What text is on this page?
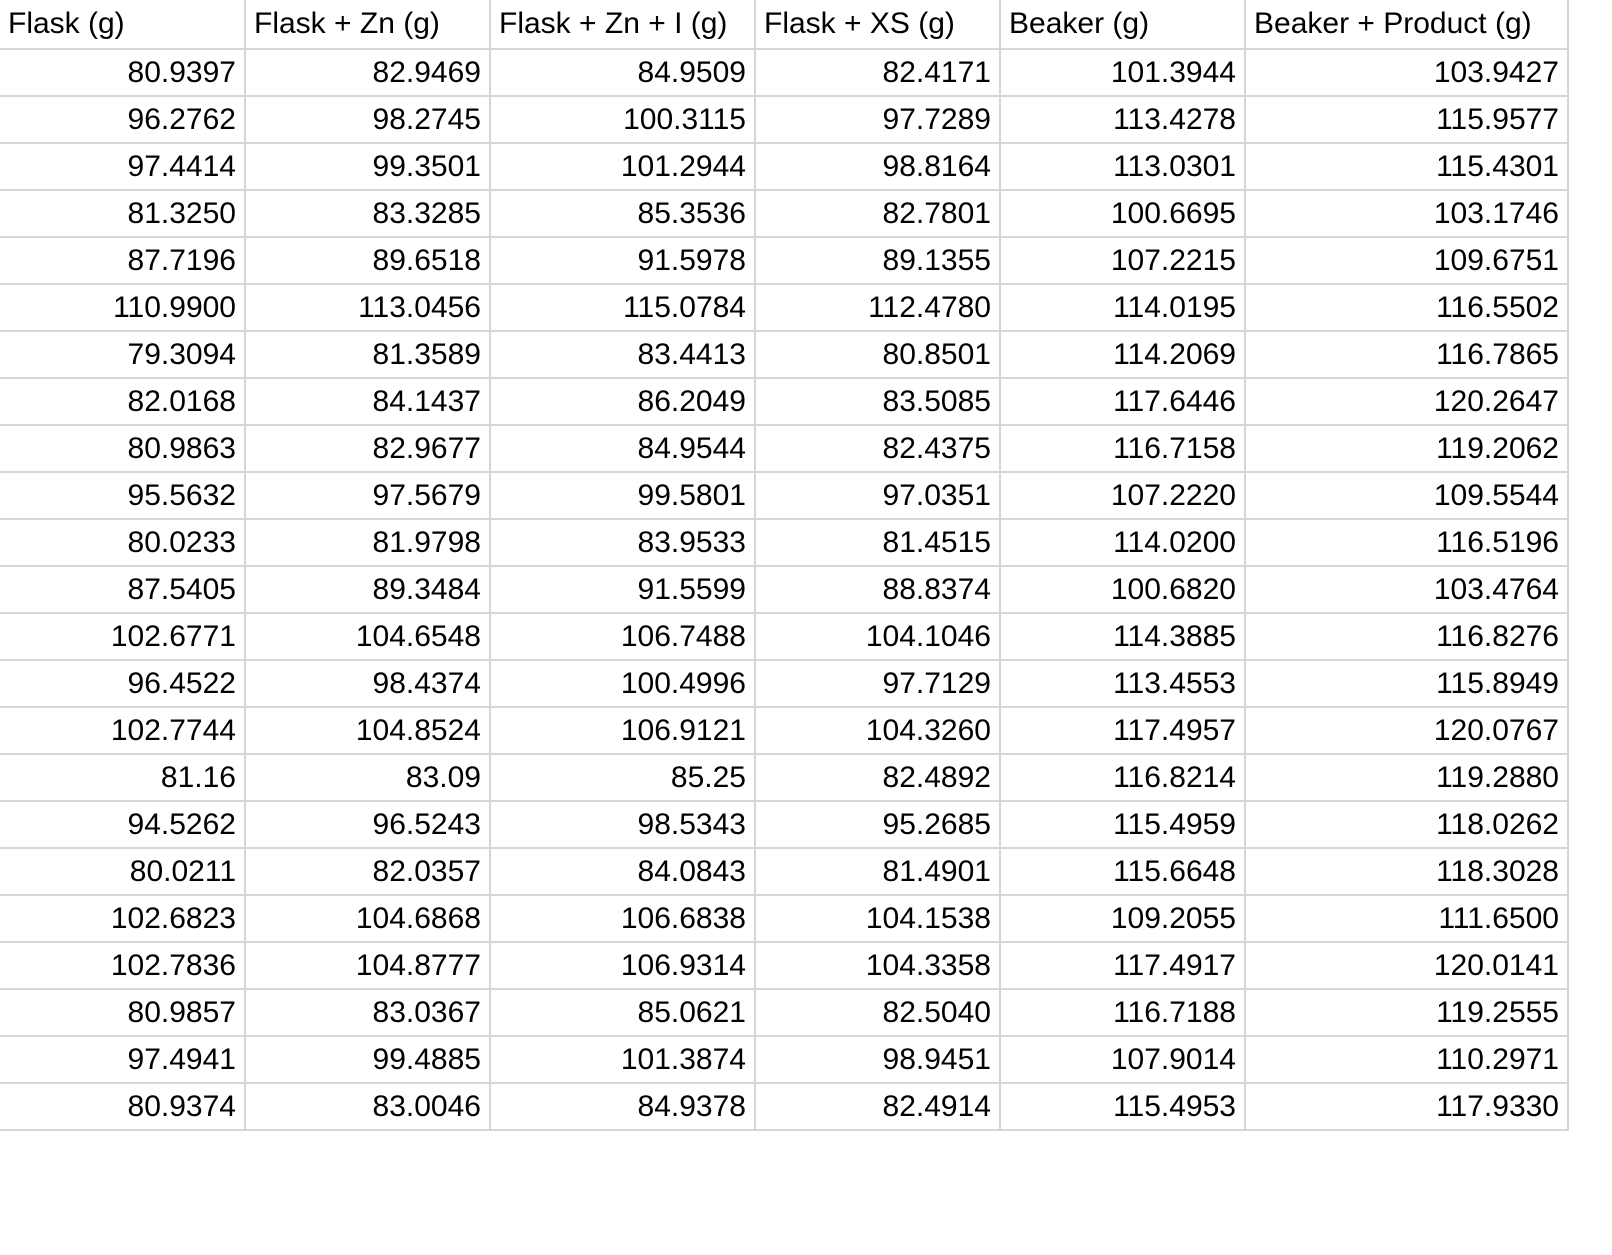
Flask (g)	Flask + Zn (g)	Flask + Zn + I (g)	Flask + XS (g)	Beaker (g)	Beaker + Product (g)
80.9397	82.9469	84.9509	82.4171	101.3944	103.9427
96.2762	98.2745	100.3115	97.7289	113.4278	115.9577
97.4414	99.3501	101.2944	98.8164	113.0301	115.4301
81.3250	83.3285	85.3536	82.7801	100.6695	103.1746
87.7196	89.6518	91.5978	89.1355	107.2215	109.6751
110.9900	113.0456	115.0784	112.4780	114.0195	116.5502
79.3094	81.3589	83.4413	80.8501	114.2069	116.7865
82.0168	84.1437	86.2049	83.5085	117.6446	120.2647
80.9863	82.9677	84.9544	82.4375	116.7158	119.2062
95.5632	97.5679	99.5801	97.0351	107.2220	109.5544
80.0233	81.9798	83.9533	81.4515	114.0200	116.5196
87.5405	89.3484	91.5599	88.8374	100.6820	103.4764
102.6771	104.6548	106.7488	104.1046	114.3885	116.8276
96.4522	98.4374	100.4996	97.7129	113.4553	115.8949
102.7744	104.8524	106.9121	104.3260	117.4957	120.0767
81.16	83.09	85.25	82.4892	116.8214	119.2880
94.5262	96.5243	98.5343	95.2685	115.4959	118.0262
80.0211	82.0357	84.0843	81.4901	115.6648	118.3028
102.6823	104.6868	106.6838	104.1538	109.2055	111.6500
102.7836	104.8777	106.9314	104.3358	117.4917	120.0141
80.9857	83.0367	85.0621	82.5040	116.7188	119.2555
97.4941	99.4885	101.3874	98.9451	107.9014	110.2971
80.9374	83.0046	84.9378	82.4914	115.4953	117.9330
